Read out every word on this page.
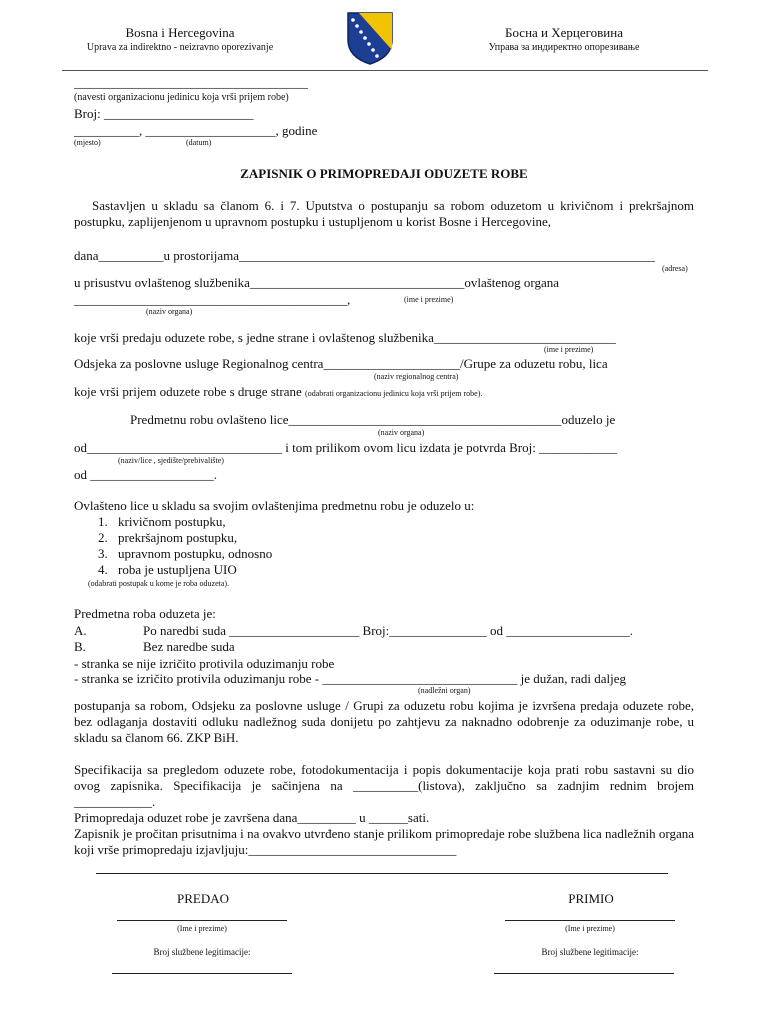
Bosna i Hercegovina
Uprava za indirektno - neizravno oporezivanje
Босна и Херцеговина
Управа за индиректно опорезивање
____________________________________
(navesti organizacionu jedinicu koja vrši prijem robe)
Broj: _______________________
__________, ____________________, godine
(mjesto)	(datum)
ZAPISNIK O PRIMOPREDAJI ODUZETE ROBE
Sastavljen u skladu sa članom 6. i 7. Uputstva o postupanju sa robom oduzetom u krivičnom i prekršajnom postupku, zaplijenjenom u upravnom postupku i ustupljenom u korist Bosne i Hercegovine,
dana__________u prostorijama________________________________________________________________
(adresa)
u prisustvu ovlaštenog službenika_________________________________ovlaštenog organa
__________________________________________,	(ime i prezime)
(naziv organa)
koje vrši predaju oduzete robe, s jedne strane i ovlaštenog službenika____________________________
(ime i prezime)
Odsjeka za poslovne usluge Regionalnog centra_____________________/Grupe za oduzetu robu, lica
(naziv regionalnog centra)
koje vrši prijem oduzete robe s druge strane (odabrati organizacionu jedinicu koja vrši prijem robe).
Predmetnu robu ovlašteno lice__________________________________________oduzelo je
(naziv organa)
od______________________________ i tom prilikom ovom licu izdata je potvrda Broj: ____________
(naziv/lice , sjedište/prebivalište)
od ___________________.
Ovlašteno lice u skladu sa svojim ovlaštenjima predmetnu robu je oduzelo u:
1. krivičnom postupku,
2. prekršajnom postupku,
3. upravnom postupku, odnosno
4. roba je ustupljena UIO
(odabrati postupak u kome je roba oduzeta).
Predmetna roba oduzeta je:
A.	Po naredbi suda ____________________ Broj:_______________ od ___________________.
B.	Bez naredbe suda
- stranka se nije izričito protivila oduzimanju robe
- stranka se izričito protivila oduzimanju robe - ______________________________ je dužan, radi daljeg
(nadležni organ)
postupanja sa robom, Odsjeku za poslovne usluge / Grupi za oduzetu robu kojima je izvršena predaja oduzete robe, bez odlaganja dostaviti odluku nadležnog suda donijetu po zahtjevu za naknadno odobrenje za oduzimanje robe, u skladu sa članom 66. ZKP BiH.
Specifikacija sa pregledom oduzete robe, fotodokumentacija i popis dokumentacije koja prati robu sastavni su dio ovog zapisnika. Specifikacija je sačinjena na __________(listova), zaključno sa zadnjim rednim brojem ____________.
Primopredaja oduzet robe je završena dana_________ u ______sati.
Zapisnik je pročitan prisutnima i na ovakvo utvrđeno stanje prilikom primopredaje robe službena lica nadležnih organa koji vrše primopredaju izjavljuju:________________________________
PREDAO	PRIMIO
(Ime i prezime)	(Ime i prezime)
Broj službene legitimacije:	Broj službene legitimacije:
